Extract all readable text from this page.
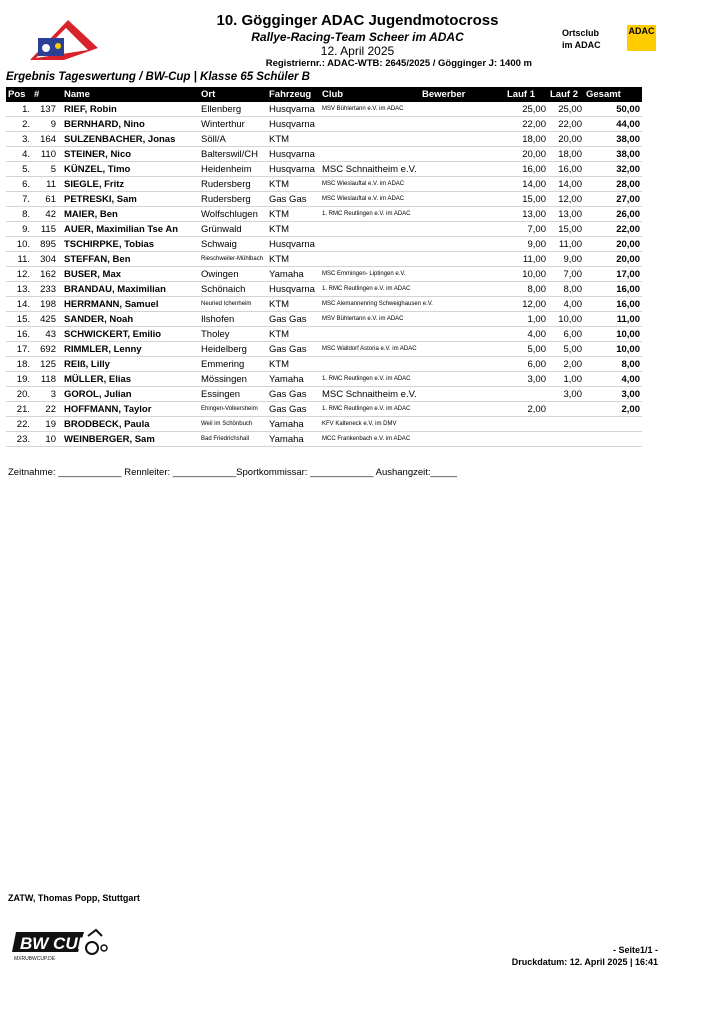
10. Gögginger ADAC Jugendmotocross
Rallye-Racing-Team Scheer im ADAC
12. April 2025
Registriernr.: ADAC-WTB: 2645/2025 / Gögginger J: 1400 m
Ortsclub
im ADAC
ADAC
Ergebnis Tageswertung / BW-Cup | Klasse 65 Schüler B
Pos	#	Name	Ort	Fahrzeug	Club	Bewerber	Lauf 1	Lauf 2	Gesamt
1.	137	RIEF, Robin	Ellenberg	Husqvarna	MSV Bühlertann e.V. im ADAC		25,00	25,00	50,00
2.	9	BERNHARD, Nino	Winterthur	Husqvarna			22,00	22,00	44,00
3.	164	SULZENBACHER, Jonas	Söll/A	KTM			18,00	20,00	38,00
4.	110	STEINER, Nico	Balterswil/CH	Husqvarna			20,00	18,00	38,00
5.	5	KÜNZEL, Timo	Heidenheim	Husqvarna	MSC Schnaitheim e.V.		16,00	16,00	32,00
6.	11	SIEGLE, Fritz	Rudersberg	KTM	MSC Wieslauftal e.V. im ADAC		14,00	14,00	28,00
7.	61	PETRESKI, Sam	Rudersberg	Gas Gas	MSC Wieslauftal e.V. im ADAC		15,00	12,00	27,00
8.	42	MAIER, Ben	Wolfschlugen	KTM	1. RMC Reutlingen e.V. im ADAC		13,00	13,00	26,00
9.	115	AUER, Maximilian Tse An	Grünwald	KTM			7,00	15,00	22,00
10.	895	TSCHIRPKE, Tobias	Schwaig	Husqvarna			9,00	11,00	20,00
11.	304	STEFFAN, Ben	Rieschweiler-Mühlbach	KTM			11,00	9,00	20,00
12.	162	BUSER, Max	Owingen	Yamaha	MSC Emmingen- Liptingen e.V.		10,00	7,00	17,00
13.	233	BRANDAU, Maximilian	Schönaich	Husqvarna	1. RMC Reutlingen e.V. im ADAC		8,00	8,00	16,00
14.	198	HERRMANN, Samuel	Neuried Ichenheim	KTM	MSC Alemannenring Schweighausen e.V.		12,00	4,00	16,00
15.	425	SANDER, Noah	Ilshofen	Gas Gas	MSV Bühlertann e.V. im ADAC		1,00	10,00	11,00
16.	43	SCHWICKERT, Emilio	Tholey	KTM			4,00	6,00	10,00
17.	692	RIMMLER, Lenny	Heidelberg	Gas Gas	MSC Walldorf Astoria e.V. im ADAC		5,00	5,00	10,00
18.	125	REIß, Lilly	Emmering	KTM			6,00	2,00	8,00
19.	118	MÜLLER, Elias	Mössingen	Yamaha	1. RMC Reutlingen e.V. im ADAC		3,00	1,00	4,00
20.	3	GOROL, Julian	Essingen	Gas Gas	MSC Schnaitheim e.V.			3,00	3,00
21.	22	HOFFMANN, Taylor	Ehingen-Volkersheim	Gas Gas	1. RMC Reutlingen e.V. im ADAC		2,00		2,00
22.	19	BRODBECK, Paula	Weil im Schönbuch	Yamaha	KFV Kalteneck e.V. im DMV				
23.	10	WEINBERGER, Sam	Bad Friedrichshall	Yamaha	MCC Frankenbach e.V. im ADAC				
Zeitnahme: ____________ Rennleiter: ____________Sportkommissar: ____________ Aushangzeit:_____
ZATW, Thomas Popp, Stuttgart
BW CUP
MXRUBWCUP.DE
- Seite1/1 -
Druckdatum: 12. April 2025 | 16:41
